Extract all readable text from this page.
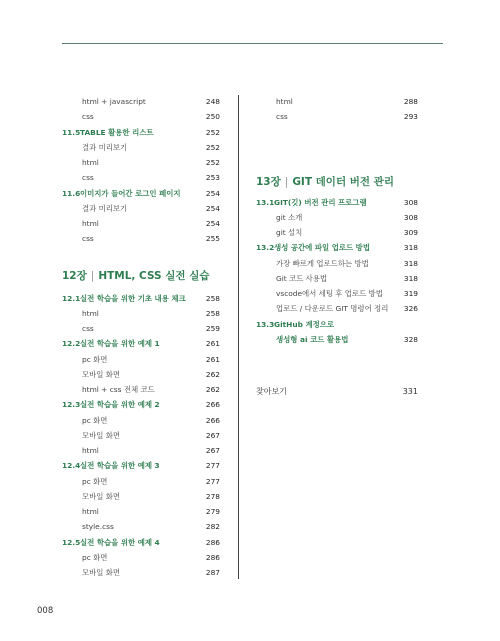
html + javascript	248
css	250
11.5 TABLE 활용한 리스트	252
결과 미리보기	252
html	252
css	253
11.6 이미지가 들어간 로그인 페이지	254
결과 미리보기	254
html	254
css	255
12장 | HTML, CSS 실전 실습
12.1 실전 학습을 위한 기초 내용 체크	258
html	258
css	259
12.2 실전 학습을 위한 예제 1	261
pc 화면	261
모바일 화면	262
html + css 전체 코드	262
12.3 실전 학습을 위한 예제 2	266
pc 화면	266
모바일 화면	267
html	267
12.4 실전 학습을 위한 예제 3	277
pc 화면	277
모바일 화면	278
html	279
style.css	282
12.5 실전 학습을 위한 예제 4	286
pc 화면	286
모바일 화면	287
html	288
css	293
13장 | GIT 데이터 버전 관리
13.1 GIT(깃) 버전 관리 프로그램	308
git 소개	308
git 설치	309
13.2 생성 공간에 파일 업로드 방법	318
가장 빠르게 업로드하는 방법	318
Git 코드 사용법	318
vscode에서 세팅 후 업로드 방법	319
업로드 / 다운로드 GIT 명령어 정리 326
13.3 GitHub 계정으로
생성형 ai 코드 활용법	328
찾아보기	331
008
